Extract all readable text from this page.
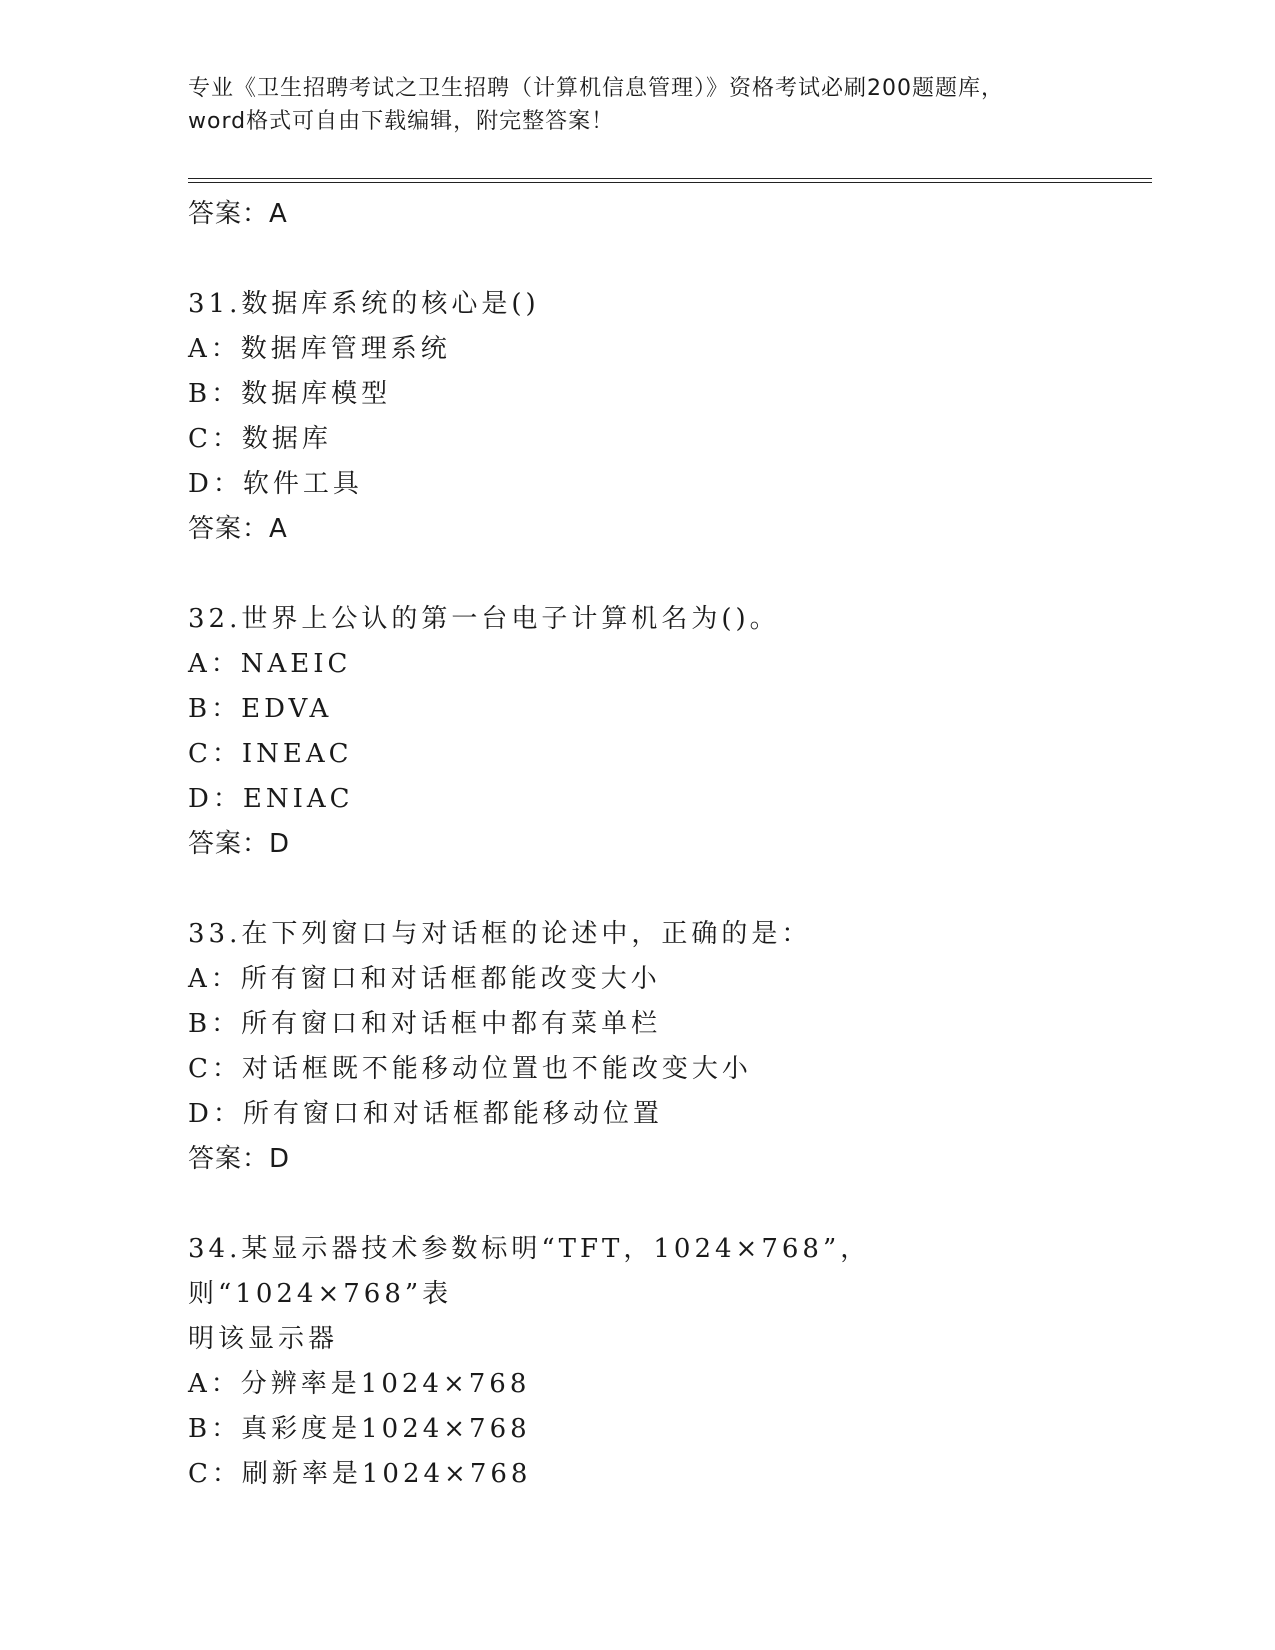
专业《卫生招聘考试之卫生招聘（计算机信息管理）》资格考试必刷200题题库，
word格式可自由下载编辑，附完整答案！
答案：A
31.数据库系统的核心是()
A：数据库管理系统
B：数据库模型
C：数据库
D：软件工具
答案：A
32.世界上公认的第一台电子计算机名为()。
A：NAEIC
B：EDVA
C：INEAC
D：ENIAC
答案：D
33.在下列窗口与对话框的论述中，正确的是：
A：所有窗口和对话框都能改变大小
B：所有窗口和对话框中都有菜单栏
C：对话框既不能移动位置也不能改变大小
D：所有窗口和对话框都能移动位置
答案：D
34.某显示器技术参数标明“TFT，1024×768”，则“1024×768”表
明该显示器
A：分辨率是1024×768
B：真彩度是1024×768
C：刷新率是1024×768
